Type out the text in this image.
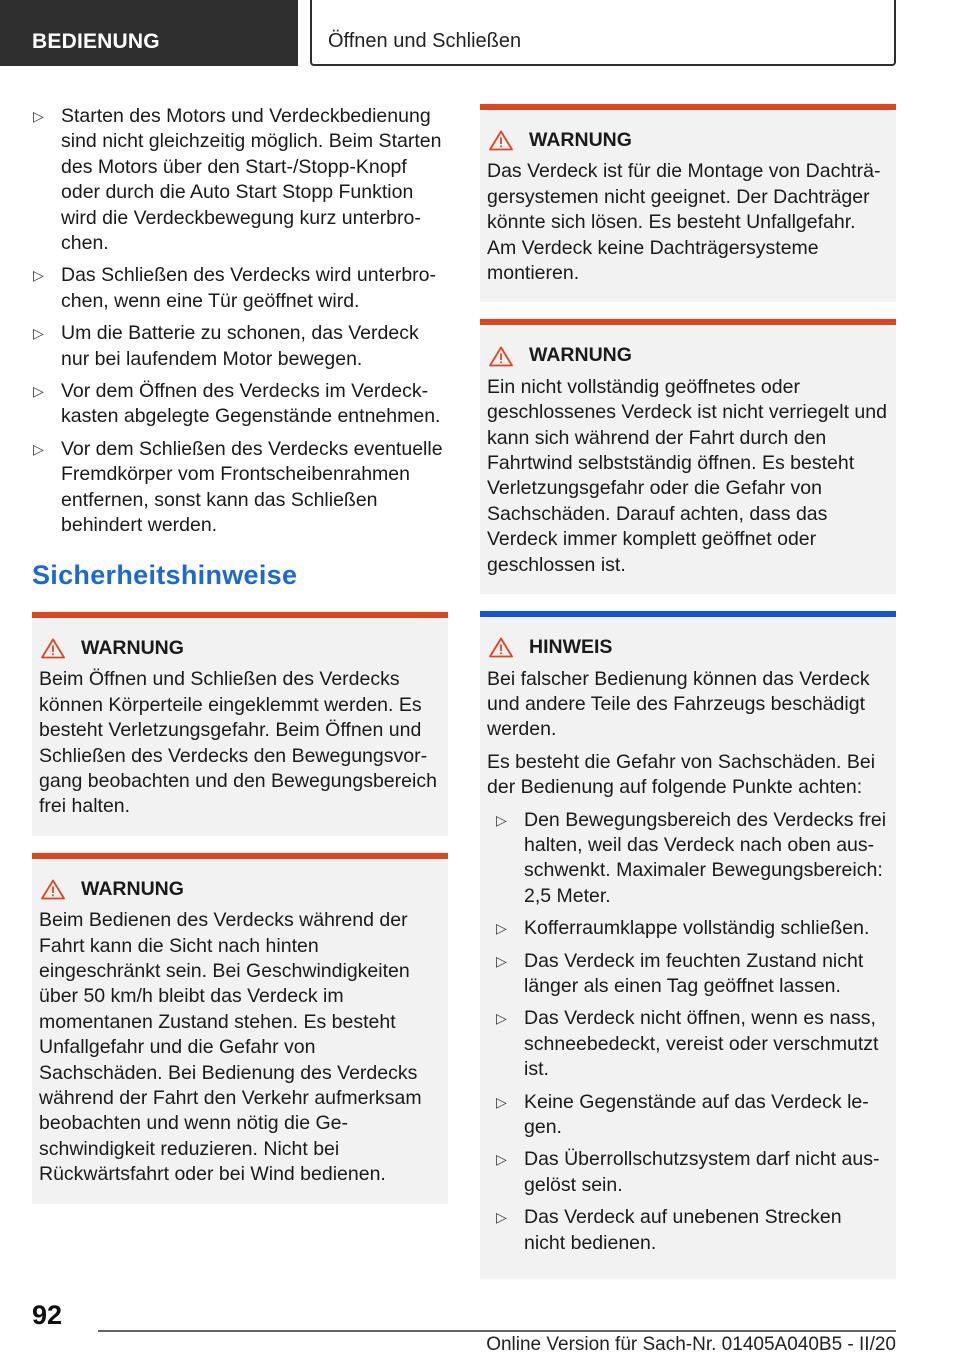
BEDIENUNG	Öffnen und Schließen
▷ Starten des Motors und Verdeckbedienung sind nicht gleichzeitig möglich. Beim Starten des Motors über den Start-/Stopp-Knopf oder durch die Auto Start Stopp Funktion wird die Verdeckbewegung kurz unterbrochen.
▷ Das Schließen des Verdecks wird unterbrochen, wenn eine Tür geöffnet wird.
▷ Um die Batterie zu schonen, das Verdeck nur bei laufendem Motor bewegen.
▷ Vor dem Öffnen des Verdecks im Verdeckkasten abgelegte Gegenstände entnehmen.
▷ Vor dem Schließen des Verdecks eventuelle Fremdkörper vom Frontscheibenrahmen entfernen, sonst kann das Schließen behindert werden.
Sicherheitshinweise
WARNUNG

Beim Öffnen und Schließen des Verdecks können Körperteile eingeklemmt werden. Es besteht Verletzungsgefahr. Beim Öffnen und Schließen des Verdecks den Bewegungsvorgang beobachten und den Bewegungsbereich frei halten.

WARNUNG

Beim Bedienen des Verdecks während der Fahrt kann die Sicht nach hinten eingeschränkt sein. Bei Geschwindigkeiten über 50 km/h bleibt das Verdeck im momentanen Zustand stehen. Es besteht Unfallgefahr und die Gefahr von Sachschäden. Bei Bedienung des Verdecks während der Fahrt den Verkehr aufmerksam beobachten und wenn nötig die Geschwindigkeit reduzieren. Nicht bei Rückwärtsfahrt oder bei Wind bedienen.

WARNUNG

Das Verdeck ist für die Montage von Dachträgersystemen nicht geeignet. Der Dachträger könnte sich lösen. Es besteht Unfallgefahr. Am Verdeck keine Dachträgersysteme montieren.

WARNUNG

Ein nicht vollständig geöffnetes oder geschlossenes Verdeck ist nicht verriegelt und kann sich während der Fahrt durch den Fahrtwind selbstständig öffnen. Es besteht Verletzungsgefahr oder die Gefahr von Sachschäden. Darauf achten, dass das Verdeck immer komplett geöffnet oder geschlossen ist.

HINWEIS

Bei falscher Bedienung können das Verdeck und andere Teile des Fahrzeugs beschädigt werden.

Es besteht die Gefahr von Sachschäden. Bei der Bedienung auf folgende Punkte achten:

▷ Den Bewegungsbereich des Verdecks frei halten, weil das Verdeck nach oben ausschwenkt. Maximaler Bewegungsbereich: 2,5 Meter.
▷ Kofferraumklappe vollständig schließen.
▷ Das Verdeck im feuchten Zustand nicht länger als einen Tag geöffnet lassen.
▷ Das Verdeck nicht öffnen, wenn es nass, schneebedeckt, vereist oder verschmutzt ist.
▷ Keine Gegenstände auf das Verdeck legen.
▷ Das Überrollschutzsystem darf nicht ausgelöst sein.
▷ Das Verdeck auf unebenen Strecken nicht bedienen.
92
Online Version für Sach-Nr. 01405A040B5 - II/20
